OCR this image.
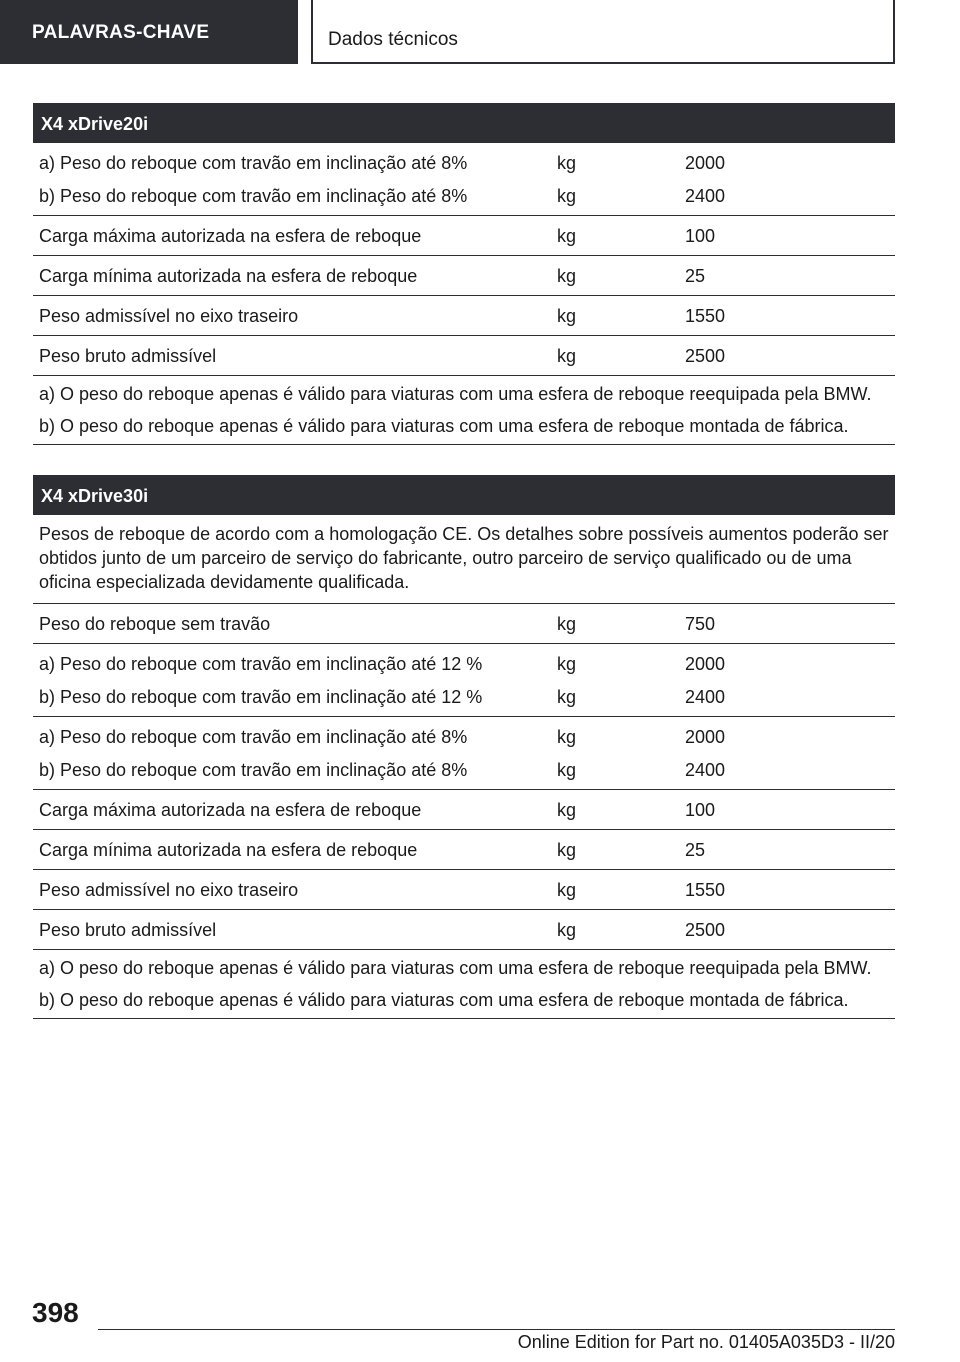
PALAVRAS-CHAVE	Dados técnicos
X4 xDrive20i
a) Peso do reboque com travão em inclinação até 8%	kg	2000
b) Peso do reboque com travão em inclinação até 8%	kg	2400
Carga máxima autorizada na esfera de reboque	kg	100
Carga mínima autorizada na esfera de reboque	kg	25
Peso admissível no eixo traseiro	kg	1550
Peso bruto admissível	kg	2500
a) O peso do reboque apenas é válido para viaturas com uma esfera de reboque reequipada pela BMW.
b) O peso do reboque apenas é válido para viaturas com uma esfera de reboque montada de fábrica.
X4 xDrive30i
Pesos de reboque de acordo com a homologação CE. Os detalhes sobre possíveis aumentos poderão ser obtidos junto de um parceiro de serviço do fabricante, outro parceiro de serviço qualificado ou de uma oficina especializada devidamente qualificada.
Peso do reboque sem travão	kg	750
a) Peso do reboque com travão em inclinação até 12 %	kg	2000
b) Peso do reboque com travão em inclinação até 12 %	kg	2400
a) Peso do reboque com travão em inclinação até 8%	kg	2000
b) Peso do reboque com travão em inclinação até 8%	kg	2400
Carga máxima autorizada na esfera de reboque	kg	100
Carga mínima autorizada na esfera de reboque	kg	25
Peso admissível no eixo traseiro	kg	1550
Peso bruto admissível	kg	2500
a) O peso do reboque apenas é válido para viaturas com uma esfera de reboque reequipada pela BMW.
b) O peso do reboque apenas é válido para viaturas com uma esfera de reboque montada de fábrica.
398
Online Edition for Part no. 01405A035D3 - II/20
